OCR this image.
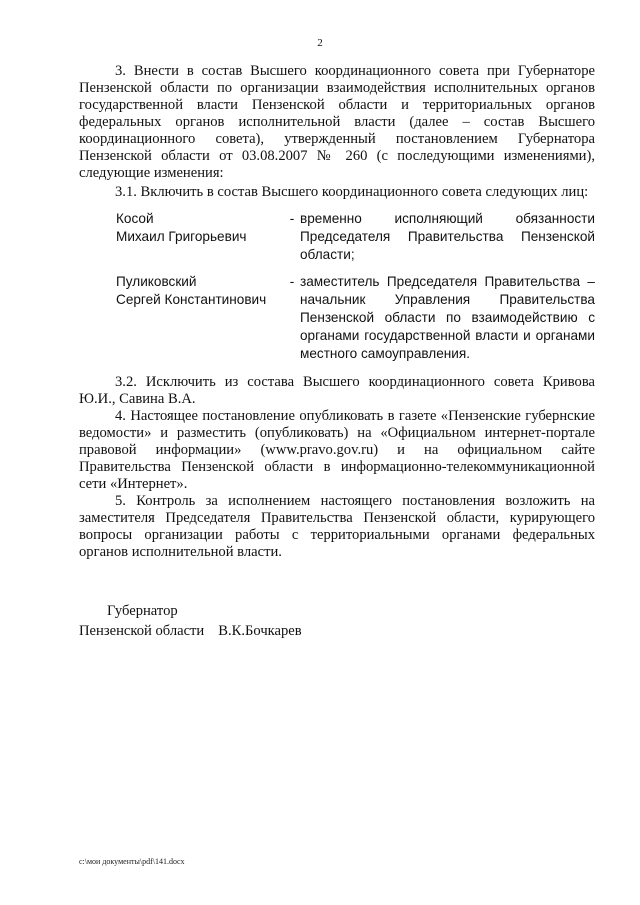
2

3. Внести в состав Высшего координационного совета при Губернаторе Пензенской области по организации взаимодействия исполнительных органов государственной власти Пензенской области и территориальных органов федеральных органов исполнительной власти (далее – состав Высшего координационного совета), утвержденный постановлением Губернатора Пензенской области от 03.08.2007 № 260 (с последующими изменениями), следующие изменения:

3.1. Включить в состав Высшего координационного совета следующих лиц:

Косой
Михаил Григорьевич
- временно исполняющий обязанности Председателя Правительства Пензенской области;
Пуликовский
Сергей Константинович
- заместитель Председателя Правительства – начальник Управления Правительства Пензенской области по взаимодействию с органами государственной власти и органами местного самоуправления.

3.2. Исключить из состава Высшего координационного совета Кривова Ю.И., Савина В.А.

4. Настоящее постановление опубликовать в газете «Пензенские губернские ведомости» и разместить (опубликовать) на «Официальном интернет-портале правовой информации» (www.pravo.gov.ru) и на официальном сайте Правительства Пензенской области в информационно-телекоммуникационной сети «Интернет».

5. Контроль за исполнением настоящего постановления возложить на заместителя Председателя Правительства Пензенской области, курирующего вопросы организации работы с территориальными органами федеральных органов исполнительной власти.

Губернатор
Пензенской области В.К.Бочкарев
c:\мои документы\pdf\141.docx
